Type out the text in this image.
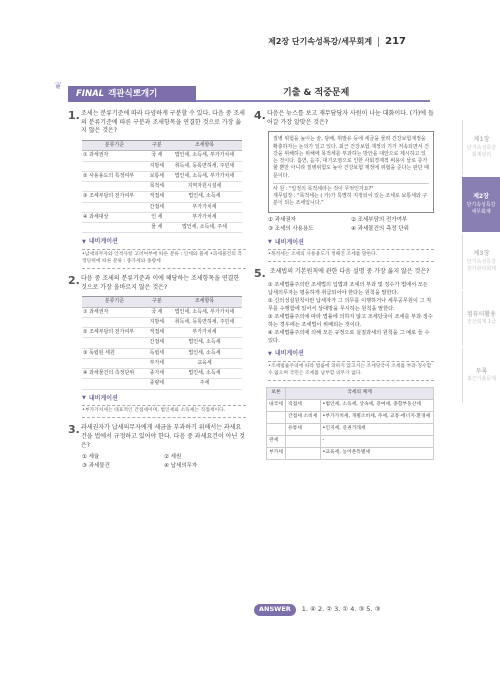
제2장 단기속성특강/세무회계 217
제1장
단기속성특강 회계원리
제2장
단기속성특강 세무회계
제3장
단기속성특강 원가관리회계
컴퓨터활용
전산회계 1급
부록
최근기출문제
❦
FINAL 객관식뽀개기	기출 & 적중문제
1. 조세는 분류기준에 따라 다양하게 구분할 수 있다. 다음 중 조세의 분류기준에 따른 구분과 조세항목을 연결한 것으로 가장 옳지 않은 것은?
분류기준	구분	조세항목
① 과세권자	국 세	법인세, 소득세, 부가가치세
	지방세	취득세, 등록면허세, 주민세
② 사용용도의 특정여부	보통세	법인세, 소득세, 부가가치세
	목적세	지역자원시설세
③ 조세부담의 전가여부	직접세	법인세, 소득세
	간접세	부가가치세
④ 과세대상	인 세	부가가치세
	물 세	법인세, 소득세, 주세
▼ 내비게이션
•납세의무자와 인적사항 고려여부에 따른 분류 : 인세와 물세 •과세물건의 측정단위에 따른 분류 : 종가세와 종량세
2. 다음 중 조세의 분류기준과 이에 해당하는 조세항목을 연결한 것으로 가장 올바르지 않은 것은?
분류기준	구분	조세항목
① 과세권자	국 세	법인세, 소득세, 부가가치세
	지방세	취득세, 등록면허세, 주민세
② 조세부담의 전가여부	직접세	부가가치세
	간접세	법인세, 소득세
③ 독립된 세원	독립세	법인세, 소득세
	부가세	교육세
④ 과세물건의 측정단위	종가세	법인세, 소득세
	종량세	주세
▼ 내비게이션
•부가가치세는 대표적인 간접세이며, 법인세와 소득세는 직접세이다.
3. 과세권자가 납세의무자에게 세금을 부과하기 위해서는 과세요건을 법에서 규정하고 있어야 한다. 다음 중 과세요건이 아닌 것은?
① 세율	② 세원
③ 과세물건	④ 납세의무자
4. 다음은 뉴스를 보고 재무담당자 사원이 나눈 대화이다. (가)에 들어갈 가장 알맞은 것은?
질병 위험을 높이는 술, 담배, 휘발유 등에 세금을 물려 건강보험재정을 확충하자는 논의가 일고 있다. 최근 건강보험 재정의 기가 저속되면서 건강을 위해하는 위해에 목적세를 부과하는 방안을 대안으로 제시하고 있는 것이다. 흡연, 음주, 대기오염으로 인한 사회경제적 비용이 날로 증가할 뿐만 아니라 질병위험도 높아 건강보험 재정에 위협을 준다는 판단 때문이다.
사 원 : "일정의 목적세라는 것이 무엇인가요?"
재무팀장 : "목적세는 ( 가)가 특별히 지정되어 있는 조세로 보통세와 구분이 되는 조세입니다."
① 과세권자	② 조세부담의 전가여부
③ 조세의 사용용도	④ 과세물건의 측정 단위
▼ 내비게이션
•목적세는 조세의 사용용도가 정해진 조세를 말한다.
5. 조세법의 기본원칙에 관한 다음 설명 중 가장 옳지 않은 것은?
① 조세법률주의란 조세법의 입법과 조세의 부과 및 징수가 법에서 모든 납세의무자는 평등하게 취급되어야 한다는 원칙을 말한다.
② 신의성실원칙이란 납세자가 그 의무를 이행하거나 세무공무원이 그 직무를 수행함에 있어서 상대방을 무시하는 원칙을 말한다.
③ 조세법률주의에 따라 법률에 의하지 않고 조세당국이 조세를 부과·징수하는 경우에는 조세법이 위배되는 것이다.
④ 조세법률주의에 의해 모든 규정으로 실질과세의 원칙을 그 예로 들 수 있다.
▼ 내비게이션
•조세법률주의에 따라 법률에 의하지 않고서는 조세당국이 조세를 부과·징수할 수 없으며 국민은 조세를 납부할 의무가 없다.
보론	국세의 체계	
내국세	직접세	•법인세, 소득세, 상속세, 증여세, 종합부동산세
	간접세 소비세	•부가가치세, 개별소비세, 주세, 교통·에너지·환경세
	유통세	•인지세, 증권거래세
관세		-
부가세		•교육세, 농어촌특별세
ANSWER	1. ④ 2. ② 3. ① 4. ③ 5. ③
